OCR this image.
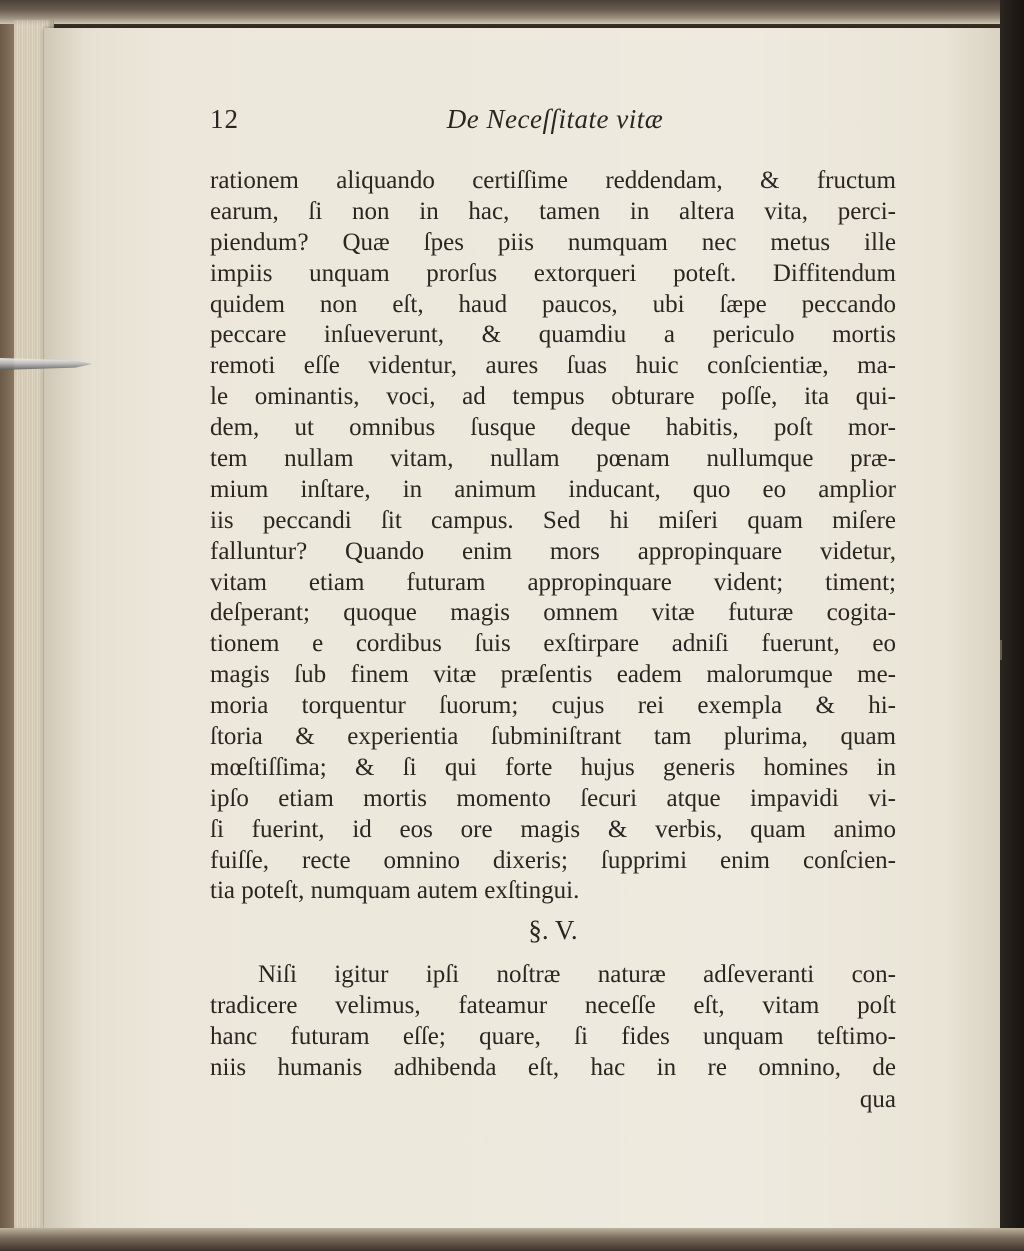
12	De Neceſſitate vitæ
rationem aliquando certiſſime reddendam, & fructum
earum, ſi non in hac, tamen in altera vita, perci-
piendum? Quæ ſpes piis numquam nec metus ille
impiis unquam prorſus extorqueri poteſt. Diffitendum
quidem non eſt, haud paucos, ubi ſæpe peccando
peccare inſueverunt, & quamdiu a periculo mortis
remoti eſſe videntur, aures ſuas huic conſcientiæ, ma-
le ominantis, voci, ad tempus obturare poſſe, ita qui-
dem, ut omnibus ſusque deque habitis, poſt mor-
tem nullam vitam, nullam pœnam nullumque præ-
mium inſtare, in animum inducant, quo eo amplior
iis peccandi ſit campus. Sed hi miſeri quam miſere
falluntur? Quando enim mors appropinquare videtur,
vitam etiam futuram appropinquare vident; timent;
deſperant; quoque magis omnem vitæ futuræ cogita-
tionem e cordibus ſuis exſtirpare adniſi fuerunt, eo
magis ſub finem vitæ præſentis eadem malorumque me-
moria torquentur ſuorum; cujus rei exempla & hi-
ſtoria & experientia ſubminiſtrant tam plurima, quam
mœſtiſſima; & ſi qui forte hujus generis homines in
ipſo etiam mortis momento ſecuri atque impavidi vi-
ſi fuerint, id eos ore magis & verbis, quam animo
fuiſſe, recte omnino dixeris; ſupprimi enim conſcien-
tia poteſt, numquam autem exſtingui.
§. V.
Niſi igitur ipſi noſtræ naturæ adſeveranti con-
tradicere velimus, fateamur neceſſe eſt, vitam poſt
hanc futuram eſſe; quare, ſi fides unquam teſtimo-
niis humanis adhibenda eſt, hac in re omnino, de
qua
